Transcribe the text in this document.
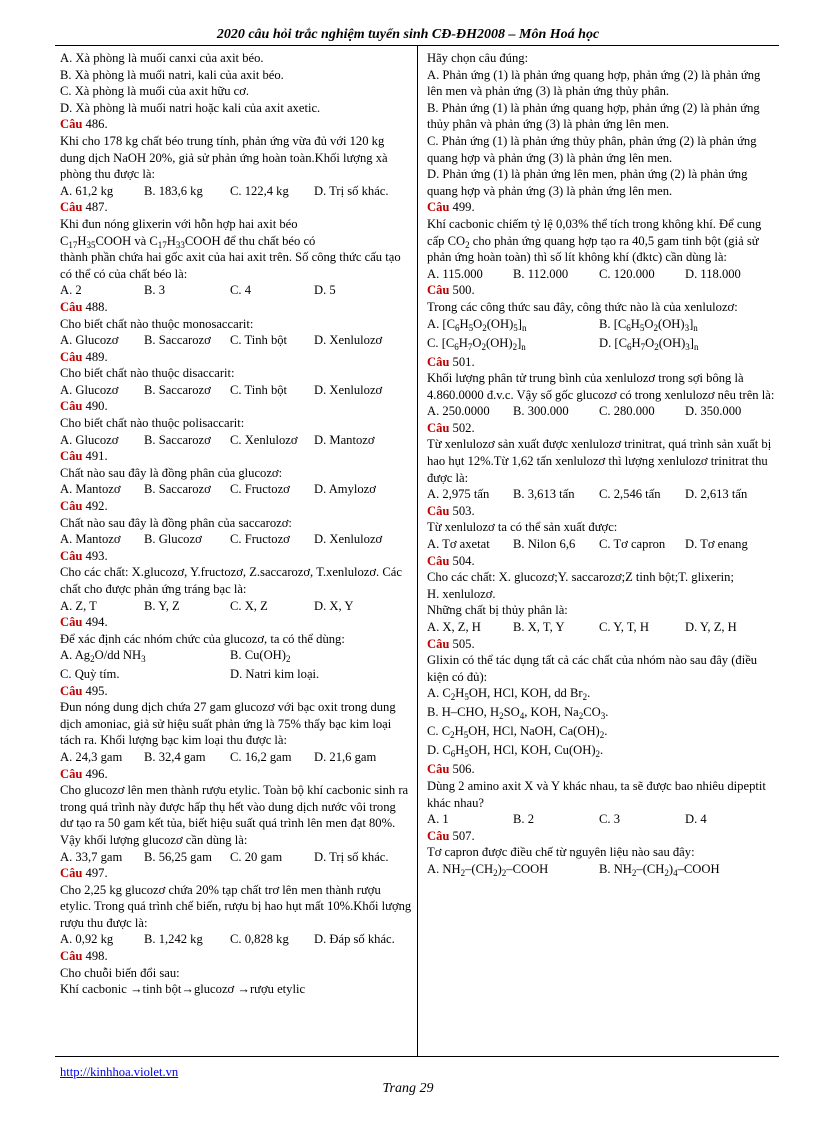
2020 câu hỏi trắc nghiệm tuyển sinh CĐ-ĐH2008 – Môn Hoá học
A. Xà phòng là muối canxi của axit béo.
B. Xà phòng là muối natri, kali của axit béo.
C. Xà phòng là muối của axit hữu cơ.
D. Xà phòng là muối natri hoặc kali của axit axetic.
Câu 486.
Khi cho 178 kg chất béo trung tính, phản ứng vừa đủ với 120 kg dung dịch NaOH 20%, giả sử phản ứng hoàn toàn.Khối lượng xà phòng thu được là:
A. 61,2 kg	B. 183,6 kg	C. 122,4 kg	D. Trị số khác.
Câu 487.
Khi đun nóng glixerin với hỗn hợp hai axit béo
$C_{17}H_{35}COOH$ và $C_{17}H_{33}COOH$ để thu chất béo có
thành phần chứa hai gốc axit của hai axit trên. Số công thức cấu tạo có thể có của chất béo là:
A. 2	B. 3	C. 4	D. 5
Câu 488.
Cho biết chất nào thuộc monosaccarit:
A. Glucozơ	B. Saccarozơ	C. Tinh bột	D. Xenlulozơ
Câu 489.
Cho biết chất nào thuộc disaccarit:
A. Glucozơ	B. Saccarozơ	C. Tinh bột	D. Xenlulozơ
Câu 490.
Cho biết chất nào thuộc polisaccarit:
A. Glucozơ	B. Saccarozơ	C. Xenlulozơ	D. Mantozơ
Câu 491.
Chất nào sau đây là đồng phân của glucozơ:
A. Mantozơ	B. Saccarozơ	C. Fructozơ	D. Amylozơ
Câu 492.
Chất nào sau đây là đồng phân của saccarozơ:
A. Mantozơ	B. Glucozơ	C. Fructozơ	D. Xenlulozơ
Câu 493.
Cho các chất: X.glucozơ, Y.fructozơ, Z.saccarozơ, T.xenlulozơ. Các chất cho được phản ứng tráng bạc là:
A. Z, T	B. Y, Z	C. X, Z	D. X, Y
Câu 494.
Để xác định các nhóm chức của glucozơ, ta có thể dùng:
A. $Ag_2O/dd$ $NH_3$	B. $Cu(OH)_2$
C. Quỳ tím.	D. Natri kim loại.
Câu 495.
Đun nóng dung dịch chứa 27 gam glucozơ với bạc oxit trong dung dịch amoniac, giả sử hiệu suất phản ứng là 75% thấy bạc kim loại tách ra. Khối lượng bạc kim loại thu được là:
A. 24,3 gam	B. 32,4 gam	C. 16,2 gam	D. 21,6 gam
Câu 496.
Cho glucozơ lên men thành rượu etylic. Toàn bộ khí cacbonic sinh ra trong quá trình này được hấp thụ hết vào dung dịch nước vôi trong dư tạo ra 50 gam kết tủa, biết hiệu suất quá trình lên men đạt 80%. Vậy khối lượng glucozơ cần dùng là:
A. 33,7 gam	B. 56,25 gam	C. 20 gam	D. Trị số khác.
Câu 497.
Cho 2,25 kg glucozơ chứa 20% tạp chất trơ lên men thành rượu etylic. Trong quá trình chế biến, rượu bị hao hụt mất 10%.Khối lượng rượu thu được là:
A. 0,92 kg	B. 1,242 kg	C. 0,828 kg	D. Đáp số khác.
Câu 498.
Cho chuỗi biến đổi sau:
Khí cacbonic →tinh bột→glucozơ →rượu etylic
Hãy chọn câu đúng:
A. Phản ứng (1) là phản ứng quang hợp, phản ứng (2) là phản ứng lên men và phản ứng (3) là phản ứng thủy phân.
B. Phản ứng (1) là phản ứng quang hợp, phản ứng (2) là phản ứng thủy phân và phản ứng (3) là phản ứng lên men.
C. Phản ứng (1) là phản ứng thủy phân, phản ứng (2) là phản ứng quang hợp và phản ứng (3) là phản ứng lên men.
D. Phản ứng (1) là phản ứng lên men, phản ứng (2) là phản ứng quang hợp và phản ứng (3) là phản ứng lên men.
Câu 499.
Khí cacbonic chiếm tỷ lệ 0,03% thể tích trong không khí. Để cung cấp $CO_2$ cho phản ứng quang hợp tạo ra 40,5 gam tinh bột (giả sử phản ứng hoàn toàn) thì số lít không khí (đktc) cần dùng là:
A. 115.000	B. 112.000	C. 120.000	D. 118.000
Câu 500.
Trong các công thức sau đây, công thức nào là của xenlulozơ:
A. $[C_6H_5O_2(OH)_5]_n$	B. $[C_6H_5O_2(OH)_3]_n$
C. $[C_6H_7O_2(OH)_2]_n$	D. $[C_6H_7O_2(OH)_3]_n$
Câu 501.
Khối lượng phân tử trung bình của xenlulozơ trong sợi bông là 4.860.0000 đ.v.c. Vậy số gốc glucozơ có trong xenlulozơ nêu trên là:
A. 250.0000	B. 300.000	C. 280.000	D. 350.000
Câu 502.
Từ xenlulozơ sản xuất được xenlulozơ trinitrat, quá trình sản xuất bị hao hụt 12%.Từ 1,62 tấn xenlulozơ thì lượng xenlulozơ trinitrat thu được là:
A. 2,975 tấn	B. 3,613 tấn	C. 2,546 tấn	D. 2,613 tấn
Câu 503.
Từ xenlulozơ ta có thể sản xuất được:
A. Tơ axetat	B. Nilon 6,6	C. Tơ capron	D. Tơ enang
Câu 504.
Cho các chất: X. glucozơ;Y. saccarozơ;Z tinh bột;T. glixerin;
H. xenlulozơ.
Những chất bị thủy phân là:
A. X, Z, H	B. X, T, Y	C. Y, T, H	D. Y, Z, H
Câu 505.
Glixin có thể tác dụng tất cả các chất của nhóm nào sau đây (điều kiện có đủ):
A. $C_2H_5OH$, HCl, KOH, dd $Br_2$.
B. H–CHO, $H_2SO_4$, KOH, $Na_2CO_3$.
C. $C_2H_5OH$, HCl, NaOH, $Ca(OH)_2$.
D. $C_6H_5OH$, HCl, KOH, $Cu(OH)_2$.
Câu 506.
Dùng 2 amino axit X và Y khác nhau, ta sẽ được bao nhiêu dipeptit khác nhau?
A. 1	B. 2	C. 3	D. 4
Câu 507.
Tơ capron được điều chế từ nguyên liệu nào sau đây:
A. $NH_2-(CH_2)_2$–COOH	B. $NH_2-(CH_2)_4$–COOH
http://kinhhoa.violet.vn
Trang 29
